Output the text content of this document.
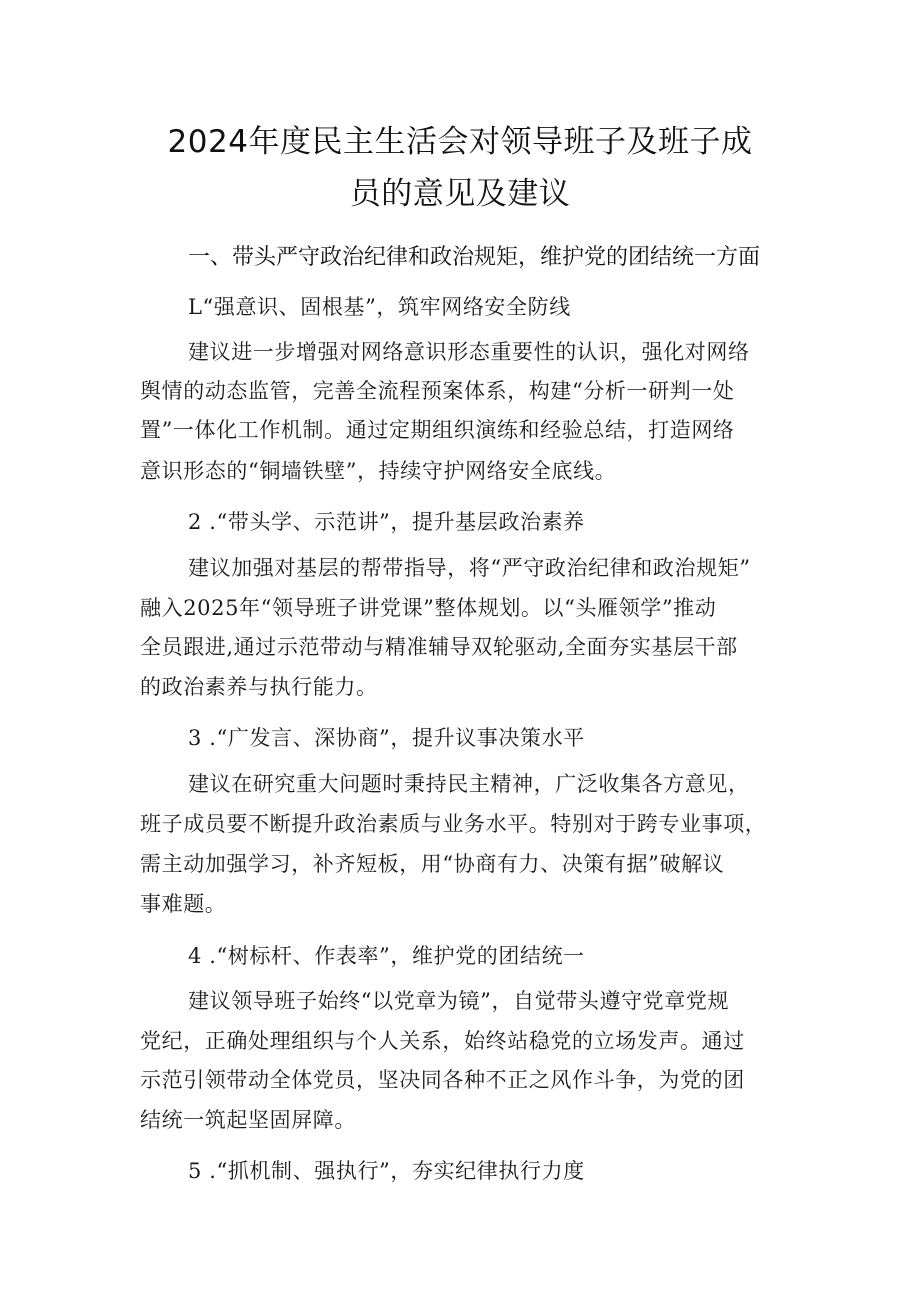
2024年度民主生活会对领导班子及班子成
员的意见及建议
一、带头严守政治纪律和政治规矩，维护党的团结统一方面
L“强意识、固根基”，筑牢网络安全防线
建议进一步增强对网络意识形态重要性的认识，强化对网络
舆情的动态监管，完善全流程预案体系，构建“分析一研判一处
置”一体化工作机制。通过定期组织演练和经验总结，打造网络
意识形态的“铜墙铁壁”，持续守护网络安全底线。
2 .“带头学、示范讲”，提升基层政治素养
建议加强对基层的帮带指导，将“严守政治纪律和政治规矩”
融入2025年“领导班子讲党课”整体规划。以“头雁领学”推动
全员跟进,通过示范带动与精准辅导双轮驱动,全面夯实基层干部
的政治素养与执行能力。
3 .“广发言、深协商”，提升议事决策水平
建议在研究重大问题时秉持民主精神，广泛收集各方意见，
班子成员要不断提升政治素质与业务水平。特别对于跨专业事项，
需主动加强学习，补齐短板，用“协商有力、决策有据”破解议
事难题。
4 .“树标杆、作表率”，维护党的团结统一
建议领导班子始终“以党章为镜”，自觉带头遵守党章党规
党纪，正确处理组织与个人关系，始终站稳党的立场发声。通过
示范引领带动全体党员，坚决同各种不正之风作斗争，为党的团
结统一筑起坚固屏障。
5 .“抓机制、强执行”，夯实纪律执行力度
